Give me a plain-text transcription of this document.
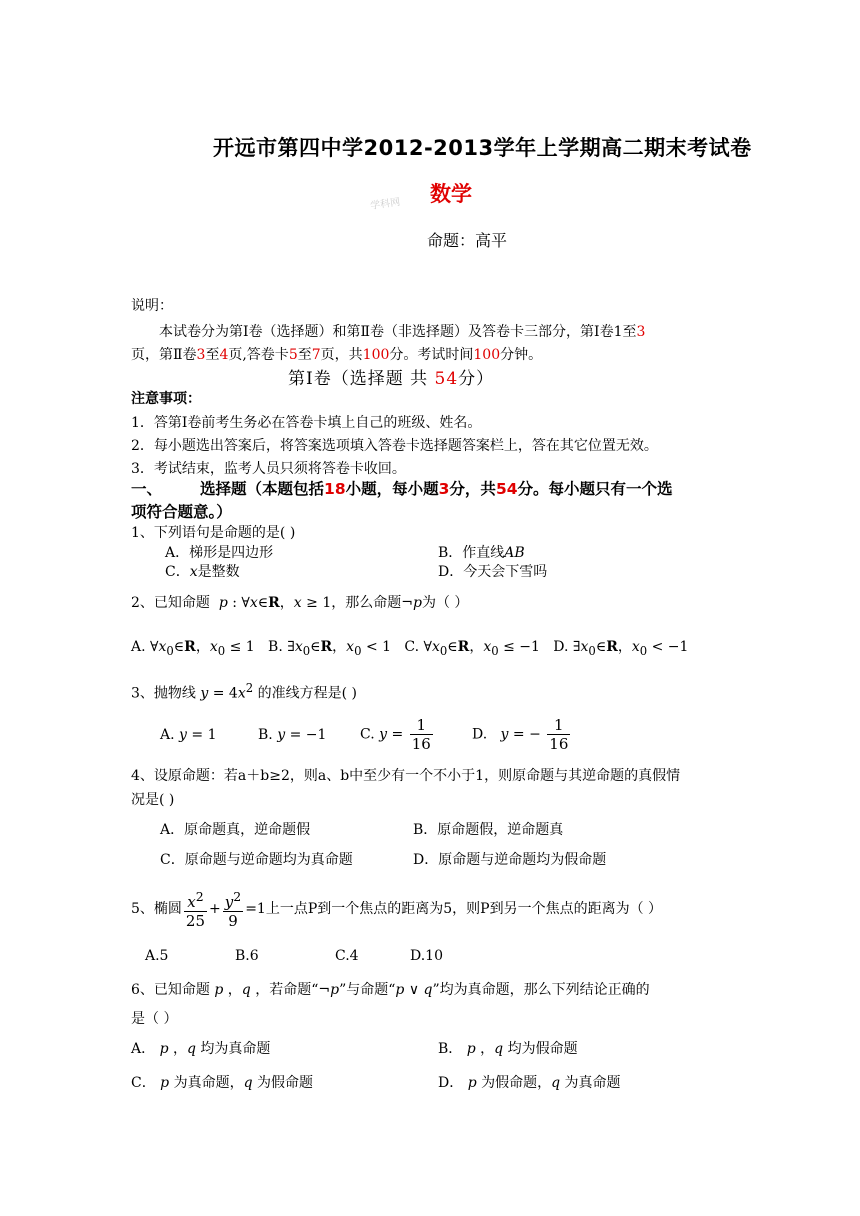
开远市第四中学2012-2013学年上学期高二期末考试卷
数学
学科网
命题：高平
说明：
本试卷分为第Ⅰ卷（选择题）和第Ⅱ卷（非选择题）及答卷卡三部分，第Ⅰ卷1至3
页，第Ⅱ卷3至4页,答卷卡5至7页，共100分。考试时间100分钟。
第Ⅰ卷（选择题 共 54分）
注意事项：
1．答第Ⅰ卷前考生务必在答卷卡填上自己的班级、姓名。
2．每小题选出答案后，将答案选项填入答卷卡选择题答案栏上，答在其它位置无效。
3．考试结束，监考人员只须将答卷卡收回。
一、 选择题（本题包括18小题，每小题3分，共54分。每小题只有一个选
项符合题意。）
1、下列语句是命题的是( )
A．梯形是四边形	B．作直线AB
C．x是整数	D．今天会下雪吗
2、已知命题 p : ∀x∈R，x ≥ 1，那么命题¬p为（ ）
A. $\forall x_0\in R$，$x_0 \le 1$   B. $\exists x_0\in R$，$x_0 < 1$   C. $\forall x_0\in R$，$x_0 \le -1$   D. $\exists x_0\in R$，$x_0 < -1$
3、抛物线 $y = 4x^2$ 的准线方程是( )
A. y = 1	B. y = −1 C. $y = \frac{1}{16}$	D. y = − $\frac{1}{16}$
4、设原命题：若a＋b≥2，则a、b中至少有一个不小于1，则原命题与其逆命题的真假情
况是( )
A．原命题真，逆命题假	B．原命题假，逆命题真
C．原命题与逆命题均为真命题	D．原命题与逆命题均为假命题
5、椭圆 $\frac{x^2}{25} + \frac{y^2}{9} =1$上一点P到一个焦点的距离为5，则P到另一个焦点的距离为（ ）
A.5	B.6	C.4	D.10
6、已知命题 p ，q ，若命题“¬p”与命题“p ∨ q”均为真命题，那么下列结论正确的
是（ ）
A． p ，q 均为真命题	B． p ，q 均为假命题
C． p 为真命题，q 为假命题	D． p 为假命题，q 为真命题
